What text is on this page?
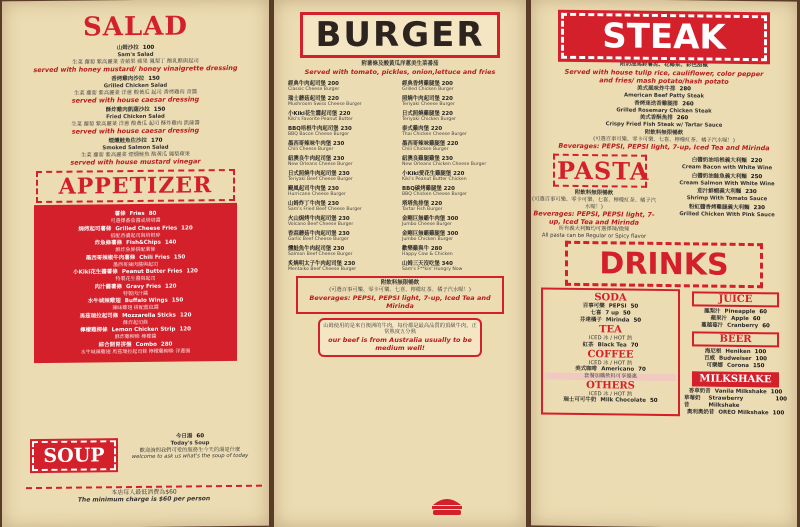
SALAD
山姆沙拉 100
Sam's Salad
生菜 蘿蔔 紫高麗菜 青蘋果 蘋果 鳳梨丁 酸乳酪與起司
served with honey mustard/ honey vinaigrette dressing
香烤雞肉沙拉 150
Grilled Chicken Salad
生菜 蘿蔔 紫高麗菜 洋蔥 酸黃瓜 起司 香烤雞肉 青醬
served with house caesar dressing
酥炸雞肉凱薩沙拉 150
Fried Chicken Salad
生菜 蘿蔔 紫高麗菜 洋蔥 酸黃瓜 起司 酥炸雞肉 凱薩醬
served with house caesar dressing
煙燻鮭魚佐沙拉 170
Smoked Salmon Salad
生菜 蘿蔔 紫高麗菜 煙燻鮭魚 酸黃瓜 鳳梨蘋果
served with house mustard vinegar
APPETIZER
薯條 Fries 80
可選擇番茄醬或塔塔醬
焗烤起司薯條 Grilled Cheese Fries 120
搭配香濃起司與培根碎
炸魚條薯條 Fish&Chips 140
酥炸魚條搭配薯條
墨西哥辣椒牛肉薯條 Chili Fries 150
墨西哥辣肉醬與起司
小Kiki花生醬薯條 Peanut Butter Fries 120
特製花生醬與起司
肉汁醬薯條 Gravy Fries 120
特製肉汁醬
水牛城辣雞翅 Buffalo Wings 150
辣味雞翅 搭配藍紋醬
馬茲瑞拉起司條 Mozzarella Sticks 120
酥炸起司條
檸檬雞柳條 Lemon Chicken Strip 120
酥炸雞柳條 檸檬醬
綜合開胃拼盤 Combo 280
水牛城辣雞翅 馬茲瑞拉起司條 檸檬雞柳條 洋蔥圈
SOUP
今日湯 60
Today's Soup
歡迎詢問我們可愛的服務生今天的湯是什麼
welcome to ask us what's the soup of today
本店每人最低消費為$60
The minimum charge is $60 per person
BURGER
附薯條及酸黃瓜洋蔥美生菜番茄
Served with tomato, pickles, onion,lettuce and fries
經典牛肉起司堡 200
Classic Cheese Burger
經典香烤雞腿堡 200
Grilled Chicken Burger
瑞士蘑菇起司堡 220
Mushroom Swiss Cheese Burger
照燒牛肉起司堡 220
Teriyaki Cheese Burger
小Kiki花生醬起司堡 220
Kiki's Favorite Peanut Butter
日式照燒雞腿堡 220
Teriyaki Chicken Burger
BBQ培根牛肉起司堡 230
BBQ Bacon Cheese Burger
泰式雞肉堡 220
Thai Chicken Cheese Burger
墨西哥辣味牛肉堡 230
Chili Cheese Burger
墨西哥辣味雞腿堡 220
Chili Chicken Burger
紐澳良牛肉起司堡 230
New Orleans Cheese Burger
紐澳良雞腿雞堡 230
New Orleans Chicken Cheese Burger
日式照燒牛肉起司堡 230
Teriyaki Beef Cheese Burger
小Kiki愛花生雞腿堡 220
Kiki's Peanut Butter Chicken
颶風起司牛肉堡 230
Hurricane Cheese Burger
BBQ碳烤雞腿堡 220
BBQ Chicken Cheese Burger
山姆炸丁牛肉堡 230
Sam's Fried Beef Cheese Burger
塔塔魚排堡 220
Tartar Fish Burger
火山焗烤牛肉起司堡 230
Volcano Beef Cheese Burger
金剛巨無霸牛肉堡 300
Jumbo Cheese Burger
香蒜蘑菇牛肉起司堡 230
Garlic Beef Cheese Burger
金剛巨無霸雞腿堡 300
Jumbo Chicken Burger
燻鮭魚牛肉起司堡 230
Salmon Beef Cheese Burger
歡樂雞與牛 280
Happy Cow & Chicken
炙燒明太子牛肉起司堡 230
Mentaiko Beef Cheese Burger
山姆三天沒吃堡 340
Sam's F**kin' Hungry Now
附飲料無限暢飲
(可選百事可樂、零卡可樂、七喜、檸檬紅茶、橘子汽水喔！)
Beverages: PEPSI, PEPSI light, 7-up, Iced Tea and Mirinda
山姆使用的是來自澳洲的牛肉，每份都是最高品質的頂級牛肉，正常熟度五分熟
our beef is from Australia usually to be medium well!
STEAK
附奶油馬鈴薯泥、花椰菜、彩色甜椒
Served with house tulip rice, cauliflower, color pepper and fries/ mash potato/hash potato
美式風味炸牛排 280
American Beef Patty Steak
香烤迷迭香雞腿排 260
Grilled Rosemary Chicken Steak
美式香酥魚排 260
Crispy Fried Fish Steak w/ Tartar Sauce
附飲料無限暢飲
(可選百事可樂、零卡可樂、七喜、檸檬紅茶、橘子汽水喔！)
Beverages: PEPSI, PEPSI light, 7-up, Iced Tea and Mirinda
PASTA
附飲料無限暢飲
(可選百事可樂、零卡可樂、七喜、檸檬紅茶、橘子汽水喔！)
Beverages: PEPSI, PEPSI light, 7-up, Iced Tea and Mirinda
所有義大利麵均可選擇辣/微辣
All pasta can be Regular or Spicy flavor
白醬奶油培根義大利麵 220
Cream Bacon with White Wine
白醬奶油鮭魚義大利麵 250
Cream Salmon With White Wine
茄汁鮮蝦義大利麵 230
Shrimp With Tomato Sauce
粉紅醬香烤雞腿義大利麵 230
Grilled Chicken With Pink Sauce
DRINKS
SODA
百事可樂 PEPSI 50
七喜 7 up 50
芬達橘子 Mirinda 50
TEA
ICED 冰 / HOT 熱
紅茶 Black Tea 70
COFFEE
ICED 冰 / HOT 熱
美式咖啡 Americano 70
套餐加購飲料可享優惠
OTHERS
ICED 冰 / HOT 熱
瑞士可可牛奶 Milk Chocolate 50
JUICE
鳳梨汁 Pineapple 60
蘋果汁 Apple 60
蔓越莓汁 Cranberry 60
BEER
海尼根 Heniken 100
百威 Budweiser 100
可樂娜 Corona 150
MILKSHAKE
香草奶昔 Vanila Milkshake 100
草莓奶昔
Strawberry Milkshake
100
奧利奧奶昔 OREO Milkshake 100
